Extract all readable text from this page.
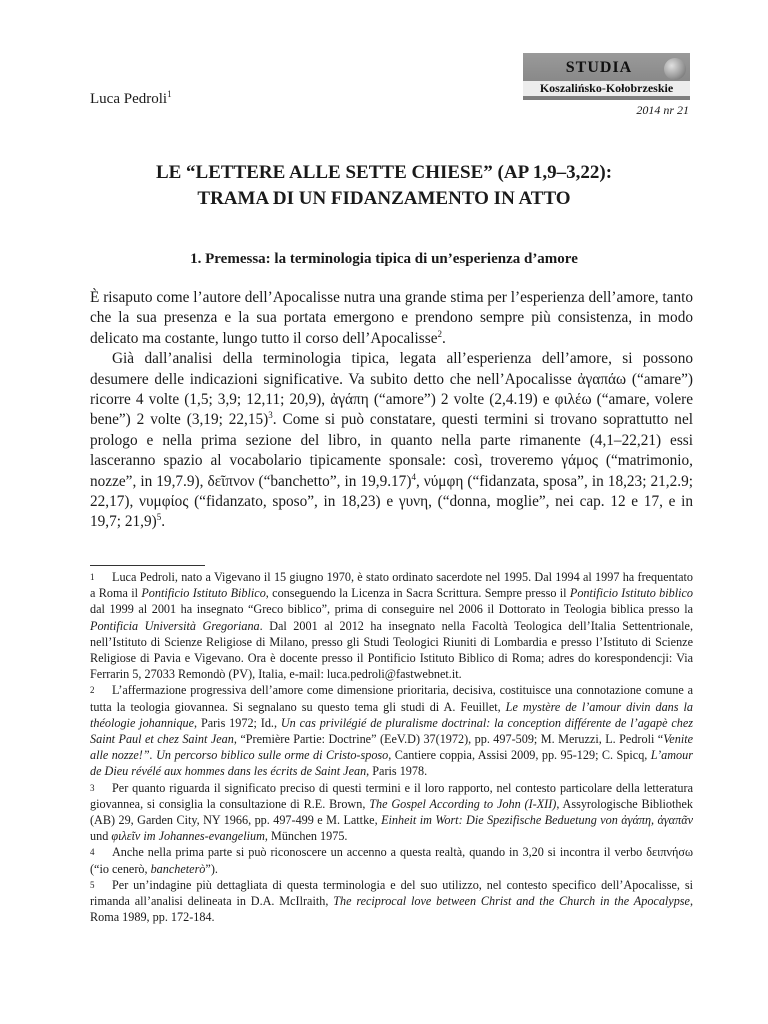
Luca Pedroli$^1$
STUDIA
Koszalińsko-Kołobrzeskie
2014 nr 21
LE “LETTERE ALLE SETTE CHIESE” (AP 1,9–3,22):
TRAMA DI UN FIDANZAMENTO IN ATTO
1. Premessa: la terminologia tipica di un’esperienza d’amore

È risaputo come l’autore dell’Apocalisse nutra una grande stima per l’esperienza dell’amore, tanto che la sua presenza e la sua portata emergono e prendono sempre più consistenza, in modo delicato ma costante, lungo tutto il corso dell’Apocalisse$^2$.

Già dall’analisi della terminologia tipica, legata all’esperienza dell’amore, si possono desumere delle indicazioni significative. Va subito detto che nell’Apocalisse ἀγαπάω (“amare”) ricorre 4 volte (1,5; 3,9; 12,11; 20,9), ἀγάπη (“amore”) 2 volte (2,4.19) e φιλέω (“amare, volere bene”) 2 volte (3,19; 22,15)$^3$. Come si può constatare, questi termini si trovano soprattutto nel prologo e nella prima sezione del libro, in quanto nella parte rimanente (4,1–22,21) essi lasceranno spazio al vocabolario tipicamente sponsale: così, troveremo γάμος (“matrimonio, nozze”, in 19,7.9), δεῖπνον (“banchetto”, in 19,9.17)$^4$, νύμφη (“fidanzata, sposa”, in 18,23; 21,2.9; 22,17), νυμφίος (“fidanzato, sposo”, in 18,23) e γυνη, (“donna, moglie”, nei cap. 12 e 17, e in 19,7; 21,9)$^5$.

1 Luca Pedroli, nato a Vigevano il 15 giugno 1970, è stato ordinato sacerdote nel 1995. Dal 1994 al 1997 ha frequentato a Roma il Pontificio Istituto Biblico, conseguendo la Licenza in Sacra Scrittura. Sempre presso il Pontificio Istituto biblico dal 1999 al 2001 ha insegnato “Greco biblico”, prima di conseguire nel 2006 il Dottorato in Teologia biblica presso la Pontificia Università Gregoriana. Dal 2001 al 2012 ha insegnato nella Facoltà Teologica dell’Italia Settentrionale, nell’Istituto di Scienze Religiose di Milano, presso gli Studi Teologici Riuniti di Lombardia e presso l’Istituto di Scienze Religiose di Pavia e Vigevano. Ora è docente presso il Pontificio Istituto Biblico di Roma; adres do korespondencji: Via Ferrarin 5, 27033 Remondò (PV), Italia, e-mail: luca.pedroli@fastwebnet.it.

2 L’affermazione progressiva dell’amore come dimensione prioritaria, decisiva, costituisce una connotazione comune a tutta la teologia giovannea. Si segnalano su questo tema gli studi di A. Feuillet, Le mystère de l’amour divin dans la théologie johannique, Paris 1972; Id., Un cas privilégié de pluralisme doctrinal: la conception différente de l’agapè chez Saint Paul et chez Saint Jean, “Première Partie: Doctrine” (EeV.D) 37(1972), pp. 497-509; M. Meruzzi, L. Pedroli “Venite alle nozze!”. Un percorso biblico sulle orme di Cristo-sposo, Cantiere coppia, Assisi 2009, pp. 95-129; C. Spicq, L’amour de Dieu révélé aux hommes dans les écrits de Saint Jean, Paris 1978.

3 Per quanto riguarda il significato preciso di questi termini e il loro rapporto, nel contesto particolare della letteratura giovannea, si consiglia la consultazione di R.E. Brown, The Gospel According to John (I-XII), Assyrologische Bibliothek (AB) 29, Garden City, NY 1966, pp. 497-499 e M. Lattke, Einheit im Wort: Die Spezifische Beduetung von ἀγάπη, ἀγαπᾶν und φιλεῖν im Johannes-evangelium, München 1975.

4 Anche nella prima parte si può riconoscere un accenno a questa realtà, quando in 3,20 si incontra il verbo δειπνήσω (“io cenerò, bancheterò”).

5 Per un’indagine più dettagliata di questa terminologia e del suo utilizzo, nel contesto specifico dell’Apocalisse, si rimanda all’analisi delineata in D.A. McIlraith, The reciprocal love between Christ and the Church in the Apocalypse, Roma 1989, pp. 172-184.
